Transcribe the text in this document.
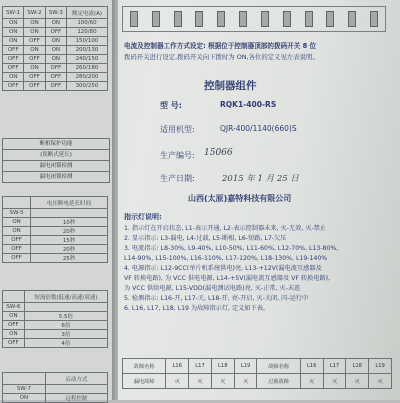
SW-1	SW-2	SW-3	额定电流(A)
ON	ON	ON	100/60
ON	ON	OFF	120/80
ON	OFF	ON	150/100
OFF	ON	ON	200/130
OFF	OFF	ON	240/150
OFF	ON	OFF	260/180
ON	OFF	OFF	280/200
OFF	OFF	OFF	300/250
断相保护功能
(误断式延长)
漏电闭锁检测
漏电闭锁检测
	电压断电延长时间
SW-5	
ON	10秒
ON	20秒
OFF	15秒
OFF	20秒
OFF	25秒
	短流倍数(低速/高速/双速)
SW-6	
ON	5.5倍
OFF	6倍
ON	3倍
OFF	4倍
	启动方式
SW-7	
ON	远程控制
电流及控制器工作方式设定: 根据位于控制器顶部的拨码开关 8 位
拨码开关进行设定,拨码开关向下拨时为 ON,各位的定义见左表说明。
控制器组件
型 号:	RQK1-400-RS
适用机型:	QJR-400/1140(660)S
生产编号: 15066
生产日期:	2015 年 1 月 25 日
山西(太原)嘉特科技有限公司
指示灯说明:
1. 指示灯在开启状态, L1-表示开通, L2-表示控制器未来, 灭-无效, 灭-禁止
2. 显示指示: L3-漏电, L4-过载, L5-断相, L6-短路, L7-欠压
3. 电流指示: L8-30%, L9-40%, L10-50%, L11-60%, L12-70%, L13-80%,
L14-90%, L15-100%, L16-110%, L17-120%, L18-130%, L19-140%
4. 电源指示: L12-9CC(单片机系统供电)亮, L13-+12V(漏电流互感器及
VF 转换电路), 为 VCC 供电电源, L14-+5V(漏电流互感器及 VF 转换电路),
为 VCC 供给电源, L15-VDD(漏电测试电路)亮, 灭-正常, 灭-未连
5. 检测指示: L16-开, L17-关, L18-开, 亮-开启, 灭-关闭, 闪-运行中
6. L16, L17, L18, L19 为故障指示灯, 定义如下表。
故障名称	L16	L17	L18	L19	故障名称	L16	L17	L18	L19
漏电故障	灭	灭	灭	灭	过载故障	灭	灭	灭	灭
